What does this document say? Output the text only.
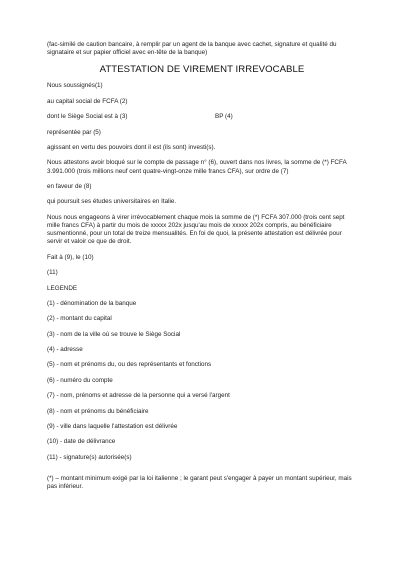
(fac-similé de caution bancaire, à remplir par un agent de la banque avec cachet, signature et qualité du signataire et sur papier officiel avec en-tête de la banque)

ATTESTATION DE VIREMENT IRREVOCABLE

Nous soussignés(1)

au capital social de FCFA (2)

dont le Siège Social est à (3)	BP (4)

représentée par (5)

agissant en vertu des pouvoirs dont il est (ils sont) investi(s).

Nous attestons avoir bloqué sur le compte de passage n° (6), ouvert dans nos livres, la somme de (*) FCFA 3.991.000 (trois millions neuf cent quatre-vingt-onze mille francs CFA), sur ordre de (7)

en faveur de (8)

qui poursuit ses études universitaires en Italie.

Nous nous engageons à virer irrévocablement chaque mois la somme de (*) FCFA 307.000 (trois cent sept mille francs CFA) à partir du mois de xxxxx 202x jusqu'au mois de xxxxx 202x compris, au bénéficiaire susmentionné, pour un total de treize mensualités. En foi de quoi, la présente attestation est délivrée pour servir et valoir ce que de droit.

Fait à (9), le (10)

(11)

LEGENDE

(1) - dénomination de la banque
(2) - montant du capital
(3) - nom de la ville où se trouve le Siège Social
(4) - adresse
(5) - nom et prénoms du, ou des représentants et fonctions
(6) - numéro du compte
(7) - nom, prénoms et adresse de la personne qui a versé l'argent
(8) - nom et prénoms du bénéficiaire
(9) - ville dans laquelle l'attestation est délivrée
(10) - date de délivrance
(11) - signature(s) autorisée(s)

(*) – montant minimum exigé par la loi italienne ; le garant peut s'engager à payer un montant supérieur, mais pas inférieur.
